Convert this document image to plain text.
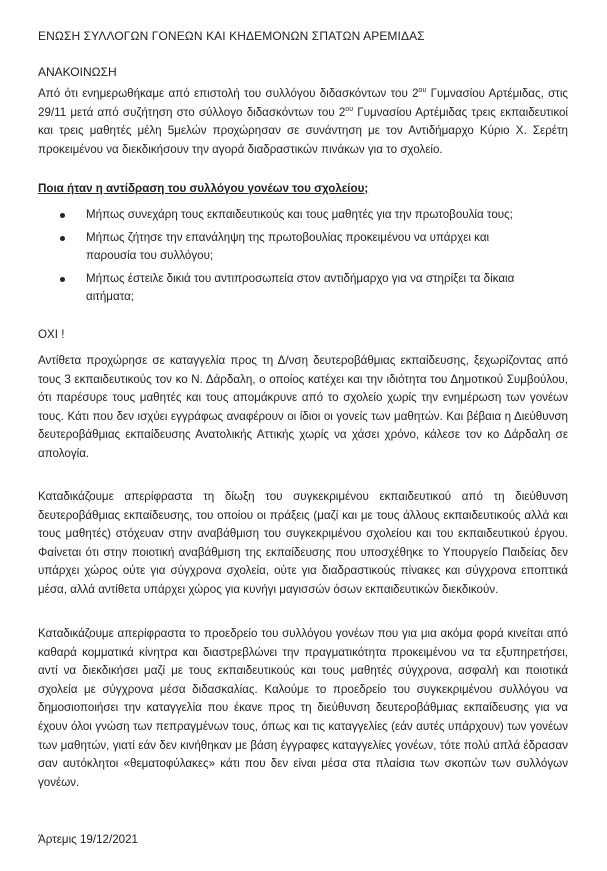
ΕΝΩΣΗ ΣΥΛΛΟΓΩΝ ΓΟΝΕΩΝ ΚΑΙ ΚΗΔΕΜΟΝΩΝ ΣΠΑΤΩΝ ΑΡΕΜΙΔΑΣ

ΑΝΑΚΟΙΝΩΣΗ

Από ότι ενημερωθήκαμε από επιστολή του συλλόγου διδασκόντων του $2^{o\upsilon}$ Γυμνασίου Αρτέμιδας, στις 29/11 μετά από συζήτηση στο σύλλογο διδασκόντων του $2^{o\upsilon}$ Γυμνασίου Αρτέμιδας τρεις εκπαιδευτικοί και τρεις μαθητές μέλη 5μελών προχώρησαν σε συνάντηση με τον Αντιδήμαρχο Κύριο Χ. Σερέτη προκειμένου να διεκδικήσουν την αγορά διαδραστικών πινάκων για το σχολείο.

Ποια ήταν η αντίδραση του συλλόγου γονέων του σχολείου;

Μήπως συνεχάρη τους εκπαιδευτικούς και τους μαθητές για την πρωτοβουλία τους;
Μήπως ζήτησε την επανάληψη της πρωτοβουλίας προκειμένου να υπάρχει και παρουσία του συλλόγου;
Μήπως έστειλε δικιά του αντιπροσωπεία στον αντιδήμαρχο για να στηρίξει τα δίκαια αιτήματα;

ΟΧΙ !

Αντίθετα προχώρησε σε καταγγελία προς τη Δ/νση δευτεροβάθμιας εκπαίδευσης, ξεχωρίζοντας από τους 3 εκπαιδευτικούς τον κο Ν. Δάρδαλη, ο οποίος κατέχει και την ιδιότητα του Δημοτικού Συμβούλου, ότι παρέσυρε τους μαθητές και τους απομάκρυνε από το σχολείο χωρίς την ενημέρωση των γονέων τους. Κάτι που δεν ισχύει εγγράφως αναφέρουν οι ίδιοι οι γονείς των μαθητών. Και βέβαια η Διεύθυνση δευτεροβάθμιας εκπαίδευσης Ανατολικής Αττικής χωρίς να χάσει χρόνο, κάλεσε τον κο Δάρδαλη σε απολογία.

Καταδικάζουμε απερίφραστα τη δίωξη του συγκεκριμένου εκπαιδευτικού από τη διεύθυνση δευτεροβάθμιας εκπαίδευσης, του οποίου οι πράξεις (μαζί και με τους άλλους εκπαιδευτικούς αλλά και τους μαθητές) στόχευαν στην αναβάθμιση του συγκεκριμένου σχολείου και του εκπαιδευτικού έργου. Φαίνεται ότι στην ποιοτική αναβάθμιση της εκπαίδευσης που υποσχέθηκε το Υπουργείο Παιδείας δεν υπάρχει χώρος ούτε για σύγχρονα σχολεία, ούτε για διαδραστικούς πίνακες και σύγχρονα εποπτικά μέσα, αλλά αντίθετα υπάρχει χώρος για κυνήγι μαγισσών όσων εκπαιδευτικών διεκδικούν.

Καταδικάζουμε απερίφραστα το προεδρείο του συλλόγου γονέων που για μια ακόμα φορά κινείται από καθαρά κομματικά κίνητρα και διαστρεβλώνει την πραγματικότητα προκειμένου να τα εξυπηρετήσει, αντί να διεκδικήσει μαζί με τους εκπαιδευτικούς και τους μαθητές σύγχρονα, ασφαλή και ποιοτικά σχολεία με σύγχρονα μέσα διδασκαλίας. Καλούμε το προεδρείο του συγκεκριμένου συλλόγου να δημοσιοποιήσει την καταγγελία που έκανε προς τη διεύθυνση δευτεροβάθμιας εκπαίδευσης για να έχουν όλοι γνώση των πεπραγμένων τους, όπως και τις καταγγελίες (εάν αυτές υπάρχουν) των γονέων των μαθητών, γιατί εάν δεν κινήθηκαν με βάση έγγραφες καταγγελίες γονέων, τότε πολύ απλά έδρασαν σαν αυτόκλητοι «θεματοφύλακες» κάτι που δεν είναι μέσα στα πλαίσια των σκοπών των συλλόγων γονέων.

Άρτεμις 19/12/2021
